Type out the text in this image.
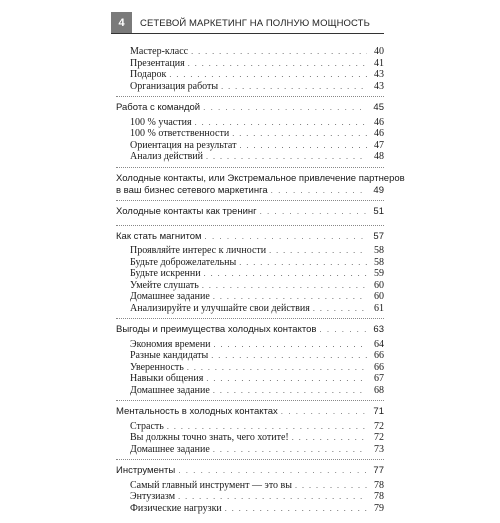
4	СЕТЕВОЙ МАРКЕТИНГ НА ПОЛНУЮ МОЩНОСТЬ
Мастер-класс . . .	40
Презентация . . .	41
Подарок . . .	43
Организация работы . . .	43
Работа с командой . . .	45
100 % участия . . .	46
100 % ответственности . . .	46
Ориентация на результат . . .	47
Анализ действий . . .	48
Холодные контакты, или Экстремальное привлечение партнеров
в ваш бизнес сетевого маркетинга . . .	49
Холодные контакты как тренинг . . .	51
Как стать магнитом . . .	57
Проявляйте интерес к личности . . .	58
Будьте доброжелательны . . .	58
Будьте искренни . . .	59
Умейте слушать . . .	60
Домашнее задание . . .	60
Анализируйте и улучшайте свои действия . . .	61
Выгоды и преимущества холодных контактов . . .	63
Экономия времени . . .	64
Разные кандидаты . . .	66
Уверенность . . .	66
Навыки общения . . .	67
Домашнее задание . . .	68
Ментальность в холодных контактах . . .	71
Страсть . . .	72
Вы должны точно знать, чего хотите! . . .	72
Домашнее задание . . .	73
Инструменты . . .	77
Самый главный инструмент — это вы . . .	78
Энтузиазм . . .	78
Физические нагрузки . . .	79
